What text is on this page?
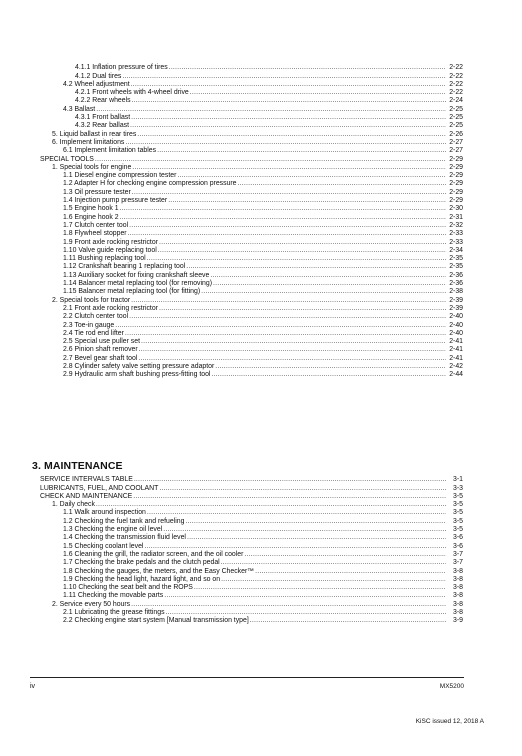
4.1.1 Inflation pressure of tires .....	2-22
4.1.2 Dual tires .....	2-22
4.2 Wheel adjustment .....	2-22
4.2.1 Front wheels with 4-wheel drive .....	2-22
4.2.2 Rear wheels .....	2-24
4.3 Ballast .....	2-25
4.3.1 Front ballast .....	2-25
4.3.2 Rear ballast .....	2-25
5. Liquid ballast in rear tires .....	2-26
6. Implement limitations .....	2-27
6.1 Implement limitation tables .....	2-27
SPECIAL TOOLS .....	2-29
1. Special tools for engine .....	2-29
1.1 Diesel engine compression tester .....	2-29
1.2 Adapter H for checking engine compression pressure .....	2-29
1.3 Oil pressure tester .....	2-29
1.4 Injection pump pressure tester .....	2-29
1.5 Engine hook 1 .....	2-30
1.6 Engine hook 2 .....	2-31
1.7 Clutch center tool .....	2-32
1.8 Flywheel stopper .....	2-33
1.9 Front axle rocking restrictor .....	2-33
1.10 Valve guide replacing tool .....	2-34
1.11 Bushing replacing tool .....	2-35
1.12 Crankshaft bearing 1 replacing tool .....	2-35
1.13 Auxiliary socket for fixing crankshaft sleeve .....	2-36
1.14 Balancer metal replacing tool (for removing) .....	2-36
1.15 Balancer metal replacing tool (for fitting) .....	2-38
2. Special tools for tractor .....	2-39
2.1 Front axle rocking restrictor .....	2-39
2.2 Clutch center tool .....	2-40
2.3 Toe-in gauge .....	2-40
2.4 Tie rod end lifter .....	2-40
2.5 Special use puller set .....	2-41
2.6 Pinion shaft remover .....	2-41
2.7 Bevel gear shaft tool .....	2-41
2.8 Cylinder safety valve setting pressure adaptor .....	2-42
2.9 Hydraulic arm shaft bushing press-fitting tool .....	2-44
3. MAINTENANCE
SERVICE INTERVALS TABLE .....	3-1
LUBRICANTS, FUEL, AND COOLANT .....	3-3
CHECK AND MAINTENANCE .....	3-5
1. Daily check .....	3-5
1.1 Walk around inspection .....	3-5
1.2 Checking the fuel tank and refueling .....	3-5
1.3 Checking the engine oil level .....	3-5
1.4 Checking the transmission fluid level .....	3-6
1.5 Checking coolant level .....	3-6
1.6 Cleaning the grill, the radiator screen, and the oil cooler .....	3-7
1.7 Checking the brake pedals and the clutch pedal .....	3-7
1.8 Checking the gauges, the meters, and the Easy Checker™ .....	3-8
1.9 Checking the head light, hazard light, and so on .....	3-8
1.10 Checking the seat belt and the ROPS .....	3-8
1.11 Checking the movable parts .....	3-8
2. Service every 50 hours .....	3-8
2.1 Lubricating the grease fittings .....	3-8
2.2 Checking engine start system [Manual transmission type] .....	3-9
iv	MX5200
KiSC issued 12, 2018 A
